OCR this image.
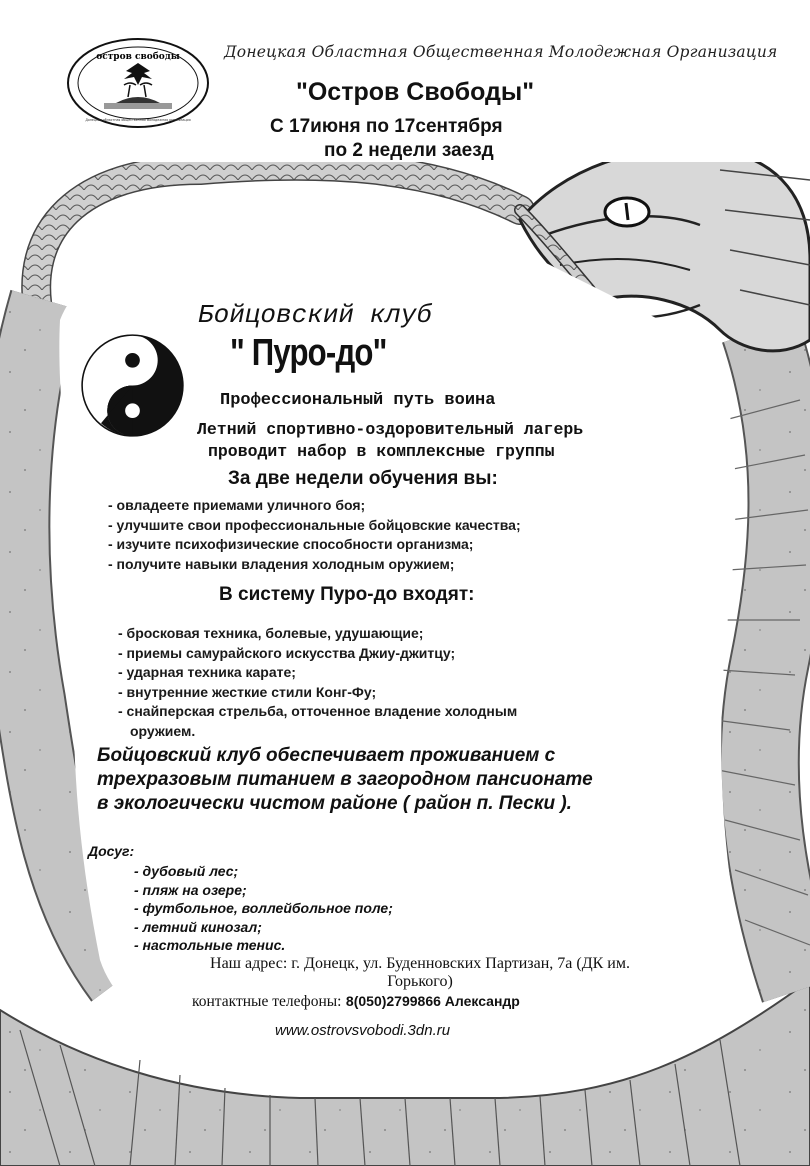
остров свободы
Донецкая областная общественная молодежная организация
Донецкая Областная Общественная Молодежная Организация
"Остров Свободы"
С 17июня по 17сентября
по 2 недели заезд
Бойцовский клуб
" Пуро-до"
Профессиональный путь воина
Летний спортивно-оздоровительный лагерь
проводит набор в комплексные группы
За две недели обучения вы:
- овладеете приемами уличного боя;
- улучшите свои профессиональные бойцовские качества;
- изучите психофизические способности организма;
- получите навыки владения холодным оружием;
В систему Пуро-до входят:
- бросковая техника, болевые, удушающие;
- приемы самурайского искусства Джиу-джитцу;
- ударная техника карате;
- внутренние жесткие стили Конг-Фу;
- снайперская стрельба, отточенное владение холодным
оружием.
Бойцовский клуб обеспечивает проживанием с
трехразовым питанием в загородном пансионате
в экологически чистом районе ( район п. Пески ).
Досуг:
- дубовый лес;
- пляж на озере;
- футбольное, воллейбольное поле;
- летний кинозал;
- настольные тенис.
Наш адрес: г. Донецк, ул. Буденновских Партизан, 7а (ДК им.
Горького)
контактные телефоны: 8(050)2799866 Александр
www.ostrovsvobodi.3dn.ru
